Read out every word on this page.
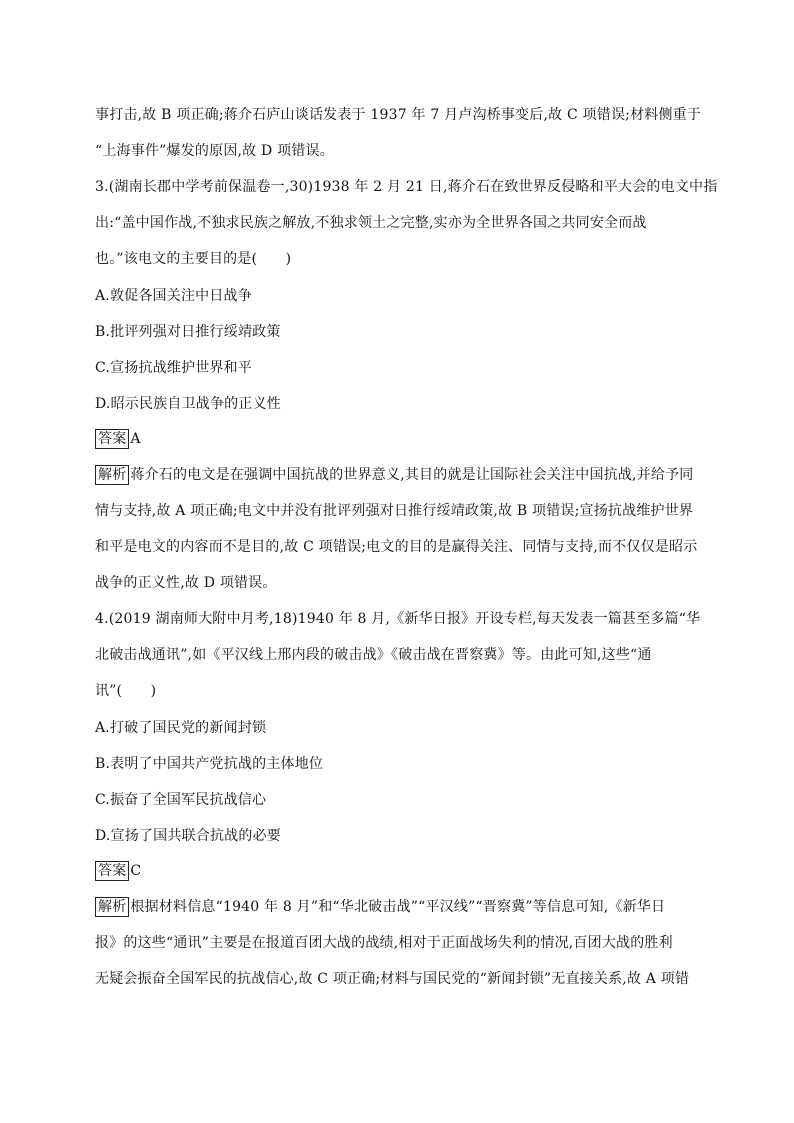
事打击,故 B 项正确;蒋介石庐山谈话发表于 1937 年 7 月卢沟桥事变后,故 C 项错误;材料侧重于
“上海事件”爆发的原因,故 D 项错误。
3.(湖南长郡中学考前保温卷一,30)1938 年 2 月 21 日,蒋介石在致世界反侵略和平大会的电文中指
出:“盖中国作战,不独求民族之解放,不独求领土之完整,实亦为全世界各国之共同安全而战
也。”该电文的主要目的是(　　)
A.敦促各国关注中日战争
B.批评列强对日推行绥靖政策
C.宣扬抗战维护世界和平
D.昭示民族自卫战争的正义性
答案 A
解析 蒋介石的电文是在强调中国抗战的世界意义,其目的就是让国际社会关注中国抗战,并给予同
情与支持,故 A 项正确;电文中并没有批评列强对日推行绥靖政策,故 B 项错误;宣扬抗战维护世界
和平是电文的内容而不是目的,故 C 项错误;电文的目的是赢得关注、同情与支持,而不仅仅是昭示
战争的正义性,故 D 项错误。
4.(2019 湖南师大附中月考,18)1940 年 8 月,《新华日报》开设专栏,每天发表一篇甚至多篇“华
北破击战通讯”,如《平汉线上邢内段的破击战》《破击战在晋察冀》等。由此可知,这些“通
讯”(　　)
A.打破了国民党的新闻封锁
B.表明了中国共产党抗战的主体地位
C.振奋了全国军民抗战信心
D.宣扬了国共联合抗战的必要
答案 C
解析 根据材料信息“1940 年 8 月”和“华北破击战”“平汉线”“晋察冀”等信息可知,《新华日
报》的这些“通讯”主要是在报道百团大战的战绩,相对于正面战场失利的情况,百团大战的胜利
无疑会振奋全国军民的抗战信心,故 C 项正确;材料与国民党的“新闻封锁”无直接关系,故 A 项错
